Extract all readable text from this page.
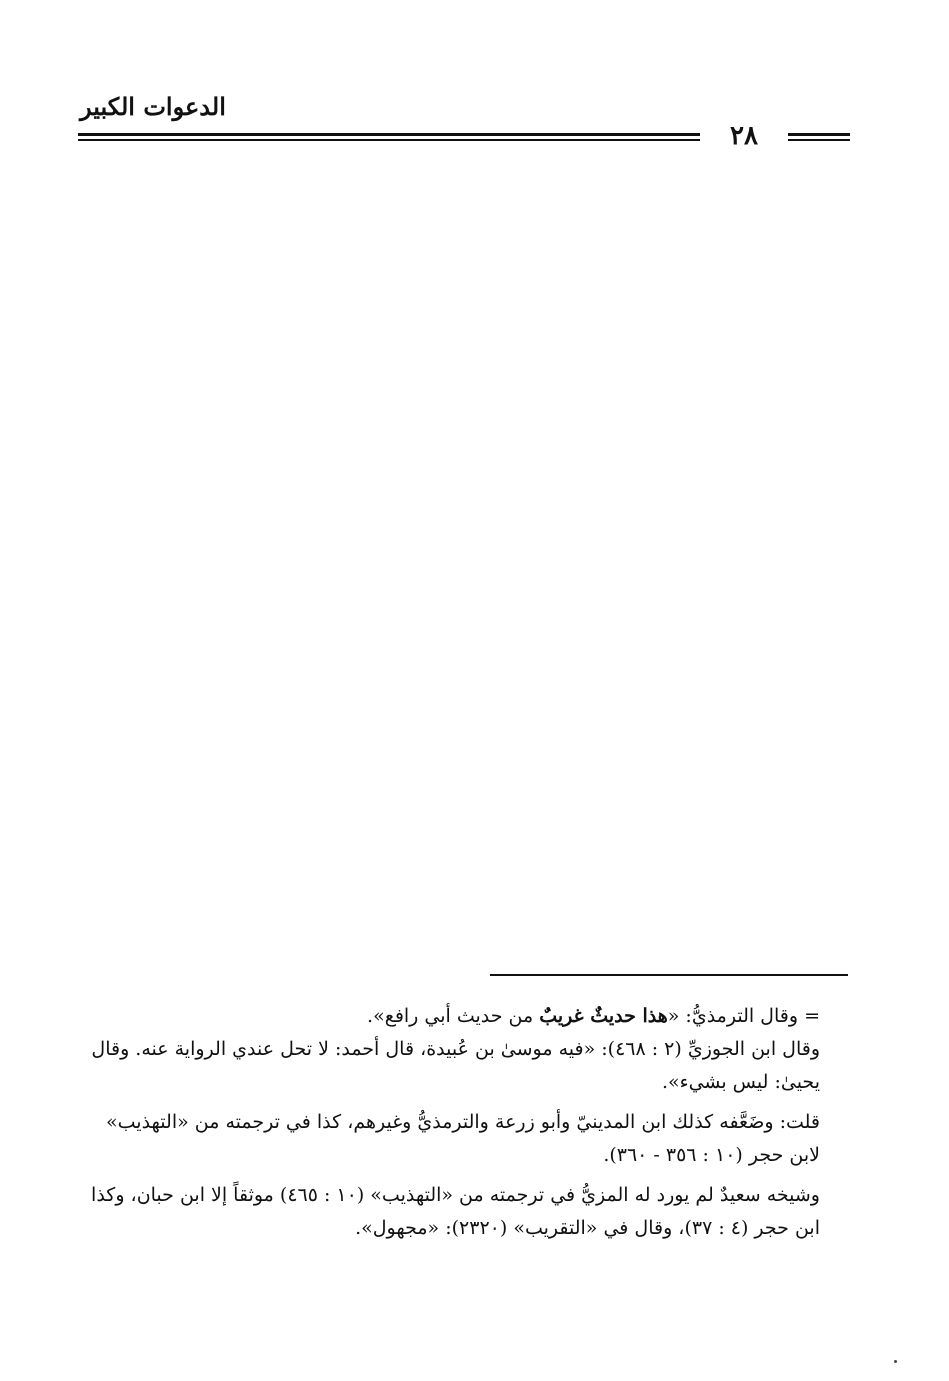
الدعوات الكبير
٢٨

= وقال الترمذيُّ: «هذا حديثٌ غريبٌ من حديث أبي رافع».

وقال ابن الجوزيِّ (٢ : ٤٦٨): «فيه موسىٰ بن عُبيدة، قال أحمد: لا تحل عندي الرواية عنه. وقال يحيىٰ: ليس بشيء».

قلت: وضَعَّفه كذلك ابن المدينيّ وأبو زرعة والترمذيُّ وغيرهم، كذا في ترجمته من «التهذيب» لابن حجر (١٠ : ٣٥٦ - ٣٦٠).

وشيخه سعيدٌ لم يورد له المزيُّ في ترجمته من «التهذيب» (١٠ : ٤٦٥) موثقاً إلا ابن حبان، وكذا ابن حجر (٤ : ٣٧)، وقال في «التقريب» (٢٣٢٠): «مجهول».
